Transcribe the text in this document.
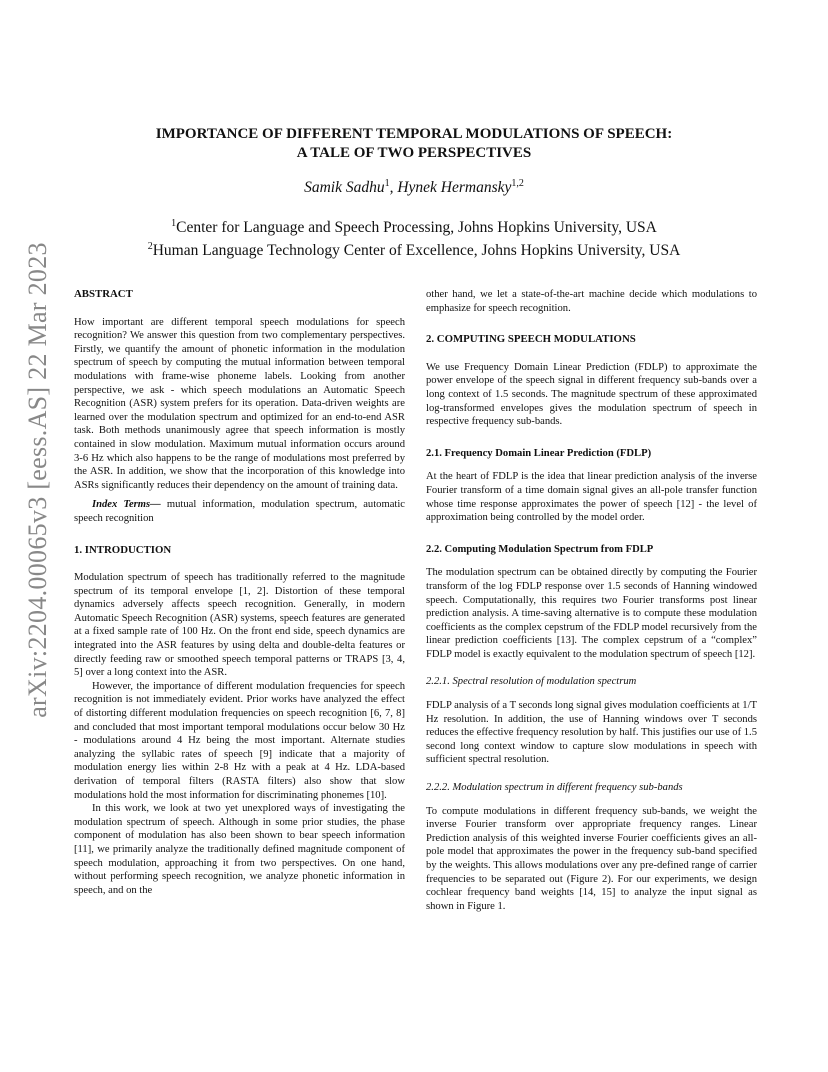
arXiv:2204.00065v3 [eess.AS] 22 Mar 2023
IMPORTANCE OF DIFFERENT TEMPORAL MODULATIONS OF SPEECH:
A TALE OF TWO PERSPECTIVES
Samik Sadhu$^1$, Hynek Hermansky$^{1,2}$
$^1$Center for Language and Speech Processing, Johns Hopkins University, USA
$^2$Human Language Technology Center of Excellence, Johns Hopkins University, USA

ABSTRACT

How important are different temporal speech modulations for speech recognition? We answer this question from two complementary perspectives. Firstly, we quantify the amount of phonetic information in the modulation spectrum of speech by computing the mutual information between temporal modulations with frame-wise phoneme labels. Looking from another perspective, we ask - which speech modulations an Automatic Speech Recognition (ASR) system prefers for its operation. Data-driven weights are learned over the modulation spectrum and optimized for an end-to-end ASR task. Both methods unanimously agree that speech information is mostly contained in slow modulation. Maximum mutual information occurs around 3-6 Hz which also happens to be the range of modulations most preferred by the ASR. In addition, we show that the incorporation of this knowledge into ASRs significantly reduces their dependency on the amount of training data.

Index Terms— mutual information, modulation spectrum, automatic speech recognition

1. INTRODUCTION

Modulation spectrum of speech has traditionally referred to the magnitude spectrum of its temporal envelope [1, 2]. Distortion of these temporal dynamics adversely affects speech recognition. Generally, in modern Automatic Speech Recognition (ASR) systems, speech features are generated at a fixed sample rate of 100 Hz. On the front end side, speech dynamics are integrated into the ASR features by using delta and double-delta features or directly feeding raw or smoothed speech temporal patterns or TRAPS [3, 4, 5] over a long context into the ASR.

However, the importance of different modulation frequencies for speech recognition is not immediately evident. Prior works have analyzed the effect of distorting different modulation frequencies on speech recognition [6, 7, 8] and concluded that most important temporal modulations occur below 30 Hz - modulations around 4 Hz being the most important. Alternate studies analyzing the syllabic rates of speech [9] indicate that a majority of modulation energy lies within 2-8 Hz with a peak at 4 Hz. LDA-based derivation of temporal filters (RASTA filters) also show that slow modulations hold the most information for discriminating phonemes [10].

In this work, we look at two yet unexplored ways of investigating the modulation spectrum of speech. Although in some prior studies, the phase component of modulation has also been shown to bear speech information [11], we primarily analyze the traditionally defined magnitude component of speech modulation, approaching it from two perspectives. On one hand, without performing speech recognition, we analyze phonetic information in speech, and on the

other hand, we let a state-of-the-art machine decide which modulations to emphasize for speech recognition.

2. COMPUTING SPEECH MODULATIONS

We use Frequency Domain Linear Prediction (FDLP) to approximate the power envelope of the speech signal in different frequency sub-bands over a long context of 1.5 seconds. The magnitude spectrum of these approximated log-transformed envelopes gives the modulation spectrum of speech in respective frequency sub-bands.

2.1. Frequency Domain Linear Prediction (FDLP)

At the heart of FDLP is the idea that linear prediction analysis of the inverse Fourier transform of a time domain signal gives an all-pole transfer function whose time response approximates the power of speech [12] - the level of approximation being controlled by the model order.

2.2. Computing Modulation Spectrum from FDLP

The modulation spectrum can be obtained directly by computing the Fourier transform of the log FDLP response over 1.5 seconds of Hanning windowed speech. Computationally, this requires two Fourier transforms post linear prediction analysis. A time-saving alternative is to compute these modulation coefficients as the complex cepstrum of the FDLP model recursively from the linear prediction coefficients [13]. The complex cepstrum of a “complex” FDLP model is exactly equivalent to the modulation spectrum of speech [12].

2.2.1. Spectral resolution of modulation spectrum

FDLP analysis of a T seconds long signal gives modulation coefficients at 1/T Hz resolution. In addition, the use of Hanning windows over T seconds reduces the effective frequency resolution by half. This justifies our use of 1.5 second long context window to capture slow modulations in speech with sufficient spectral resolution.

2.2.2. Modulation spectrum in different frequency sub-bands

To compute modulations in different frequency sub-bands, we weight the inverse Fourier transform over appropriate frequency ranges. Linear Prediction analysis of this weighted inverse Fourier coefficients gives an all-pole model that approximates the power in the frequency sub-band specified by the weights. This allows modulations over any pre-defined range of carrier frequencies to be separated out (Figure 2). For our experiments, we design cochlear frequency band weights [14, 15] to analyze the input signal as shown in Figure 1.
